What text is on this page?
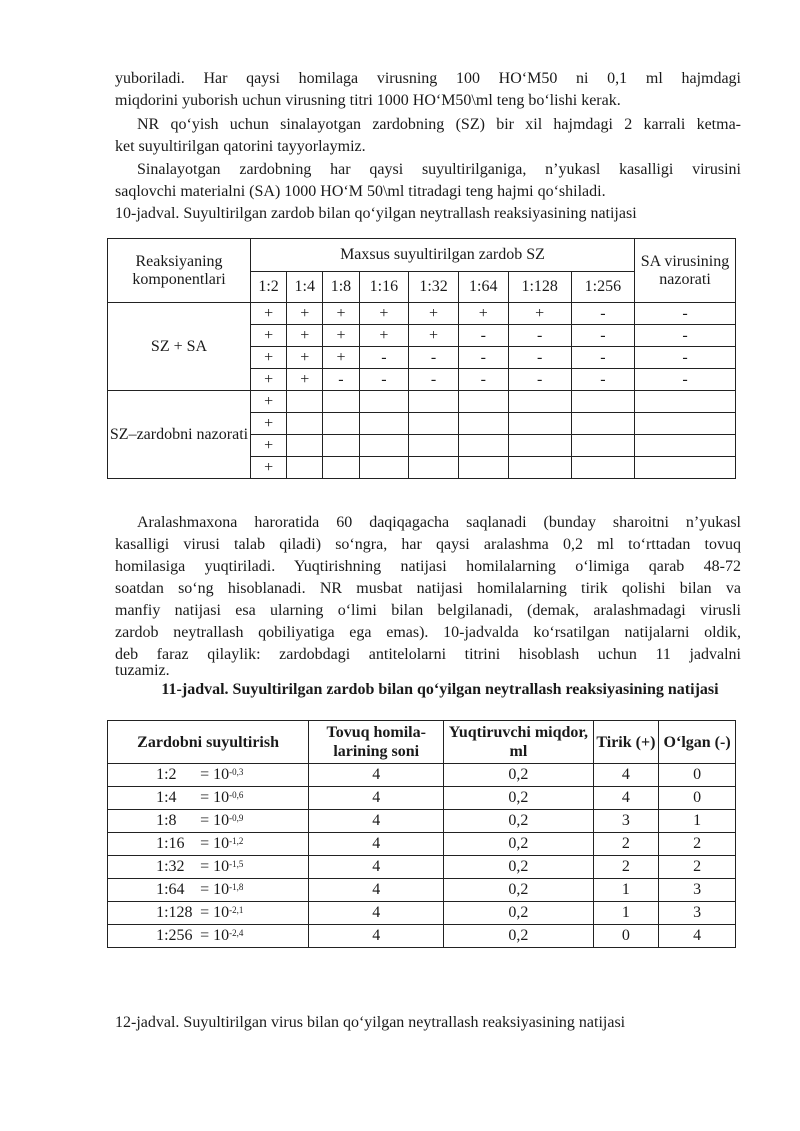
yuboriladi. Har qaysi homilaga virusning 100 HO‘M50 ni 0,1 ml hajmdagi

miqdorini yuborish uchun virusning titri 1000 HO‘M50\ml teng bo‘lishi kerak.

NR qo‘yish uchun sinalayotgan zardobning (SZ) bir xil hajmdagi 2 karrali ketma-

ket suyultirilgan qatorini tayyorlaymiz.

Sinalayotgan zardobning har qaysi suyultirilganiga, n’yukasl kasalligi virusini

saqlovchi materialni (SA) 1000 HO‘M 50\ml titradagi teng hajmi qo‘shiladi.

10-jadval. Suyultirilgan zardob bilan qo‘yilgan neytrallash reaksiyasining natijasi

Reaksiyaning komponentlari	Maxsus suyultirilgan zardob SZ								SA virusining nazorati
	1:2	1:4	1:8	1:16	1:32	1:64	1:128	1:256	
SZ + SA	+	+	+	+	+	+	+	-	-
	+	+	+	+	+	-	-	-	-
	+	+	+	-	-	-	-	-	-
	+	+	-	-	-	-	-	-	-
SZ–zardobni nazorati	+								
	+								
	+								
	+								

Aralashmaxona haroratida 60 daqiqagacha saqlanadi (bunday sharoitni n’yukasl

kasalligi virusi talab qiladi) so‘ngra, har qaysi aralashma 0,2 ml to‘rttadan tovuq

homilasiga yuqtiriladi. Yuqtirishning natijasi homilalarning o‘limiga qarab 48-72

soatdan so‘ng hisoblanadi. NR musbat natijasi homilalarning tirik qolishi bilan va

manfiy natijasi esa ularning o‘limi bilan belgilanadi, (demak, aralashmadagi virusli

zardob neytrallash qobiliyatiga ega emas). 10-jadvalda ko‘rsatilgan natijalarni oldik,

deb faraz qilaylik: zardobdagi antitelolarni titrini hisoblash uchun 11 jadvalni

tuzamiz.

11-jadval. Suyultirilgan zardob bilan qo‘yilgan neytrallash reaksiyasining natijasi
Zardobni suyultirish	Tovuq homila-larining soni	Yuqtiruvchi miqdor, ml	Tirik (+)	O‘lgan (-)
1:2 = $10^{-0,3}$	4	0,2	4	0
1:4 = $10^{-0,6}$	4	0,2	4	0
1:8 = $10^{-0,9}$	4	0,2	3	1
1:16 = $10^{-1,2}$	4	0,2	2	2
1:32 = $10^{-1,5}$	4	0,2	2	2
1:64 = $10^{-1,8}$	4	0,2	1	3
1:128 = $10^{-2,1}$	4	0,2	1	3
1:256 = $10^{-2,4}$	4	0,2	0	4

12-jadval. Suyultirilgan virus bilan qo‘yilgan neytrallash reaksiyasining natijasi
